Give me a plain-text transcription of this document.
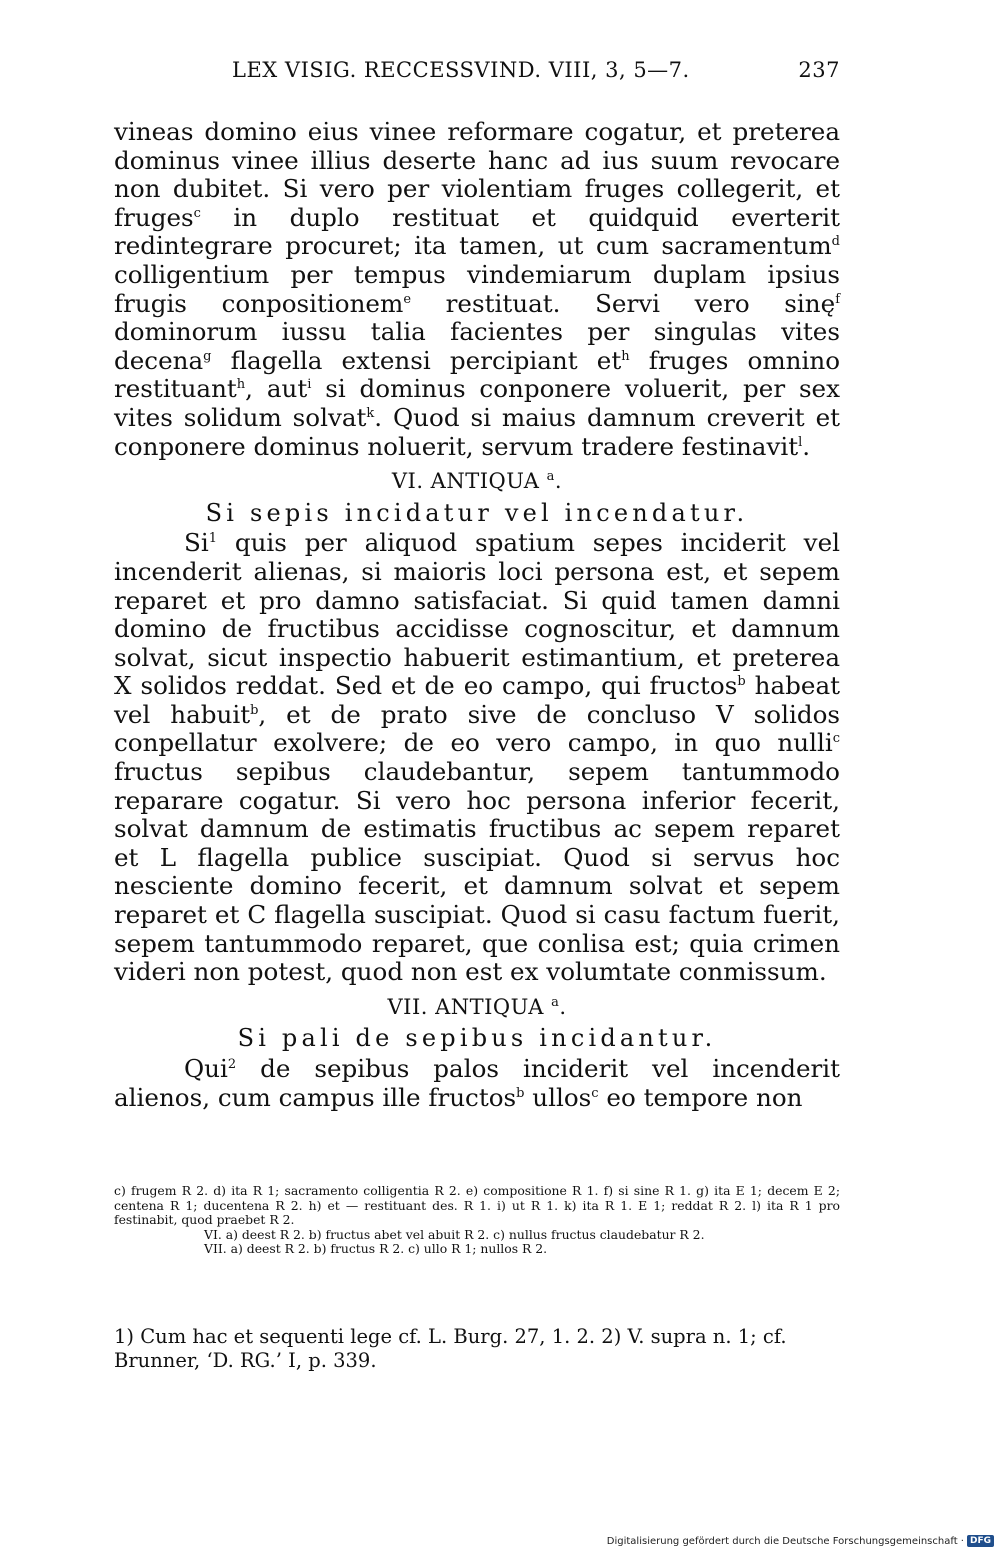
LEX VISIG. RECCESSVIND. VIII, 3, 5—7.	237

vineas domino eius vinee reformare cogatur, et preterea dominus vinee illius deserte hanc ad ius suum revocare non dubitet. Si vero per violentiam fruges collegerit, et fruges$^c$ in duplo restituat et quidquid everterit redintegrare procuret; ita tamen, ut cum sacramentum$^d$ colligentium per tempus vindemiarum duplam ipsius frugis conpositionem$^e$ restituat. Servi vero sinę$^f$ dominorum iussu talia facientes per singulas vites decena$^g$ flagella extensi percipiant $et^h$ fruges omnino restituant$^h$, aut$^i$ si dominus conponere voluerit, per sex vites solidum solvat$^k$. Quod si maius damnum creverit et conponere dominus noluerit, servum tradere festinavit$^l$.

VI. ANTIQUA $^a$.
Si sepis incidatur vel incendatur.

Si$^1$ quis per aliquod spatium sepes inciderit vel incenderit alienas, si maioris loci persona est, et sepem reparet et pro damno satisfaciat. Si quid tamen damni domino de fructibus accidisse cognoscitur, et damnum solvat, sicut inspectio habuerit estimantium, et preterea X solidos reddat. Sed et de eo campo, qui fructos$^b$ habeat vel habuit$^b$, et de prato sive de concluso V solidos conpellatur exolvere; de eo vero campo, in quo nulli$^c$ fructus sepibus claudebantur, sepem tantummodo reparare cogatur. Si vero hoc persona inferior fecerit, solvat damnum de estimatis fructibus ac sepem reparet et L flagella publice suscipiat. Quod si servus hoc nesciente domino fecerit, et damnum solvat et sepem reparet et C flagella suscipiat. Quod si casu factum fuerit, sepem tantummodo reparet, que conlisa est; quia crimen videri non potest, quod non est ex volumtate conmissum.

VII. ANTIQUA $^a$.
Si pali de sepibus incidantur.

Qui$^2$ de sepibus palos inciderit vel incenderit alienos, cum campus ille fructos$^b$ ullos$^c$ eo tempore non

c) frugem R 2. d) ita R 1; sacramento colligentia R 2. e) compositione R 1. f) si sine R 1. g) ita E 1; decem E 2; centena R 1; ducentena R 2. h) et — restituant des. R 1. i) ut R 1. k) ita R 1. E 1; reddat R 2. l) ita R 1 pro festinabit, quod praebet R 2.

VI. a) deest R 2. b) fructus abet vel abuit R 2. c) nullus fructus claudebatur R 2.

VII. a) deest R 2. b) fructus R 2. c) ullo R 1; nullos R 2.

1) Cum hac et sequenti lege cf. L. Burg. 27, 1. 2. 2) V. supra n. 1; cf. Brunner, ‘D. RG.’ I, p. 339.

Digitalisierung gefördert durch die Deutsche Forschungsgemeinschaft · DFG
